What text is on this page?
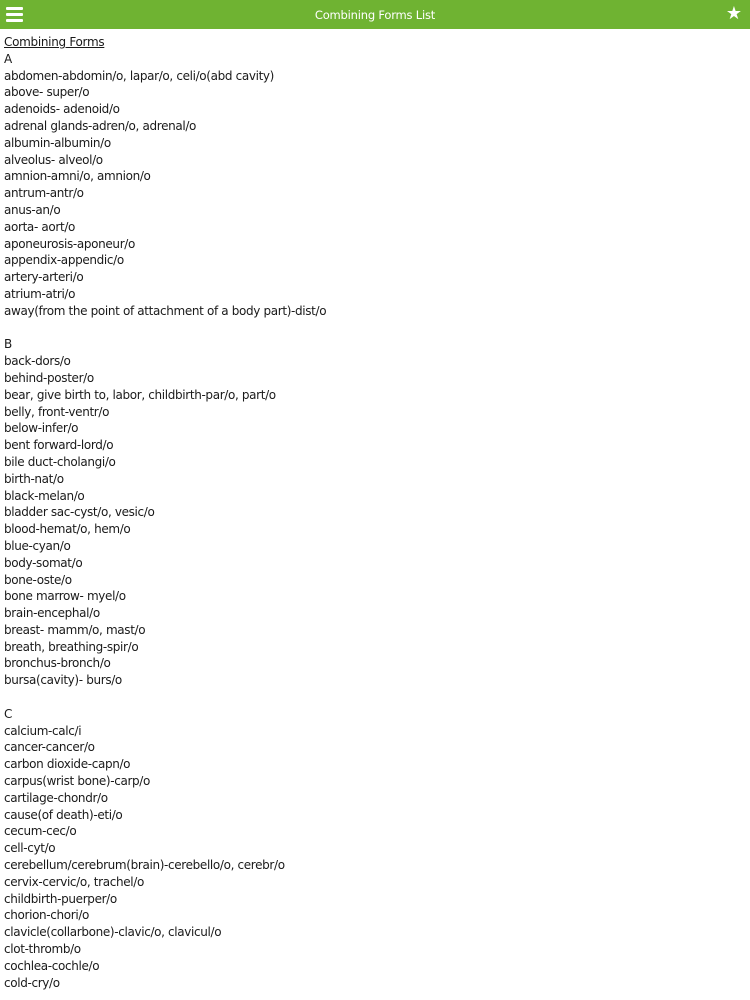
Combining Forms List	★
Combining Forms
A
abdomen-abdomin/o, lapar/o, celi/o(abd cavity)
above- super/o
adenoids- adenoid/o
adrenal glands-adren/o, adrenal/o
albumin-albumin/o
alveolus- alveol/o
amnion-amni/o, amnion/o
antrum-antr/o
anus-an/o
aorta- aort/o
aponeurosis-aponeur/o
appendix-appendic/o
artery-arteri/o
atrium-atri/o
away(from the point of attachment of a body part)-dist/o
B
back-dors/o
behind-poster/o
bear, give birth to, labor, childbirth-par/o, part/o
belly, front-ventr/o
below-infer/o
bent forward-lord/o
bile duct-cholangi/o
birth-nat/o
black-melan/o
bladder sac-cyst/o, vesic/o
blood-hemat/o, hem/o
blue-cyan/o
body-somat/o
bone-oste/o
bone marrow- myel/o
brain-encephal/o
breast- mamm/o, mast/o
breath, breathing-spir/o
bronchus-bronch/o
bursa(cavity)- burs/o
C
calcium-calc/i
cancer-cancer/o
carbon dioxide-capn/o
carpus(wrist bone)-carp/o
cartilage-chondr/o
cause(of death)-eti/o
cecum-cec/o
cell-cyt/o
cerebellum/cerebrum(brain)-cerebello/o, cerebr/o
cervix-cervic/o, trachel/o
childbirth-puerper/o
chorion-chori/o
clavicle(collarbone)-clavic/o, clavicul/o
clot-thromb/o
cochlea-cochle/o
cold-cry/o
